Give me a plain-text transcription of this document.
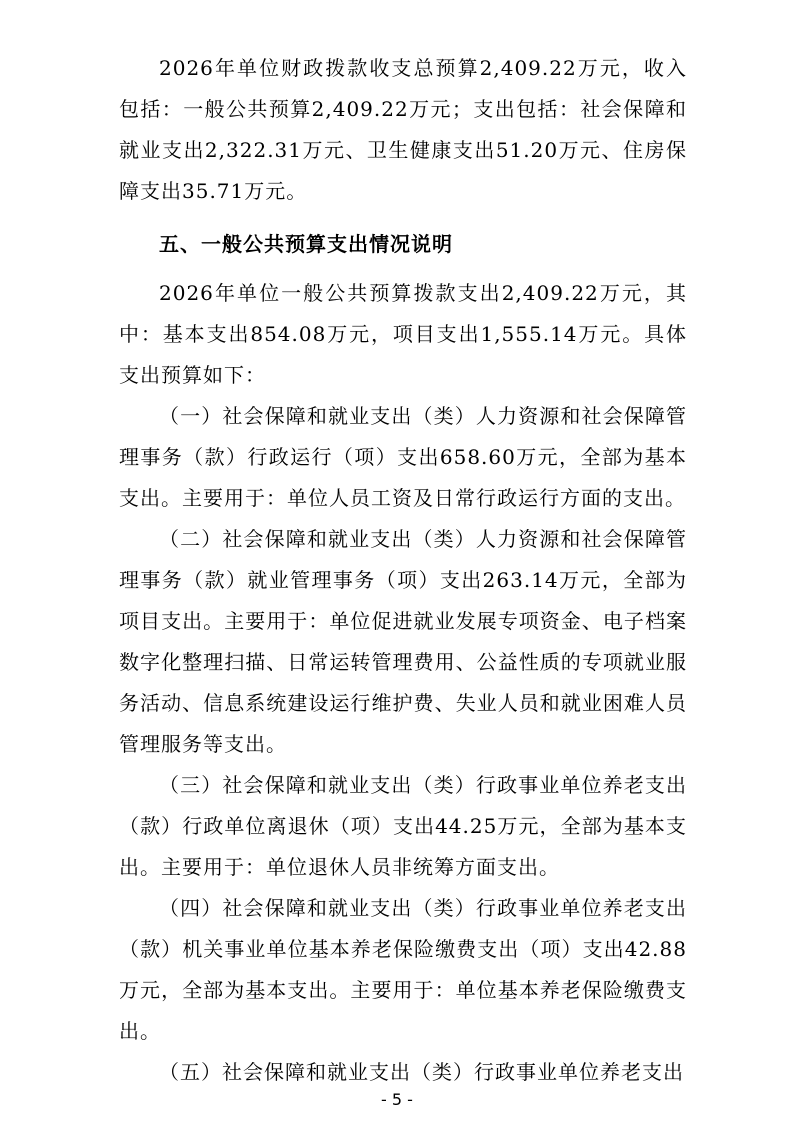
2026年单位财政拨款收支总预算2,409.22万元，收入包括：一般公共预算2,409.22万元；支出包括：社会保障和就业支出2,322.31万元、卫生健康支出51.20万元、住房保障支出35.71万元。

五、一般公共预算支出情况说明

2026年单位一般公共预算拨款支出2,409.22万元，其中：基本支出854.08万元，项目支出1,555.14万元。具体支出预算如下：

（一）社会保障和就业支出（类）人力资源和社会保障管理事务（款）行政运行（项）支出658.60万元，全部为基本支出。主要用于：单位人员工资及日常行政运行方面的支出。

（二）社会保障和就业支出（类）人力资源和社会保障管理事务（款）就业管理事务（项）支出263.14万元，全部为项目支出。主要用于：单位促进就业发展专项资金、电子档案数字化整理扫描、日常运转管理费用、公益性质的专项就业服务活动、信息系统建设运行维护费、失业人员和就业困难人员管理服务等支出。

（三）社会保障和就业支出（类）行政事业单位养老支出（款）行政单位离退休（项）支出44.25万元，全部为基本支出。主要用于：单位退休人员非统筹方面支出。

（四）社会保障和就业支出（类）行政事业单位养老支出（款）机关事业单位基本养老保险缴费支出（项）支出42.88万元，全部为基本支出。主要用于：单位基本养老保险缴费支出。

（五）社会保障和就业支出（类）行政事业单位养老支出

- 5 -
